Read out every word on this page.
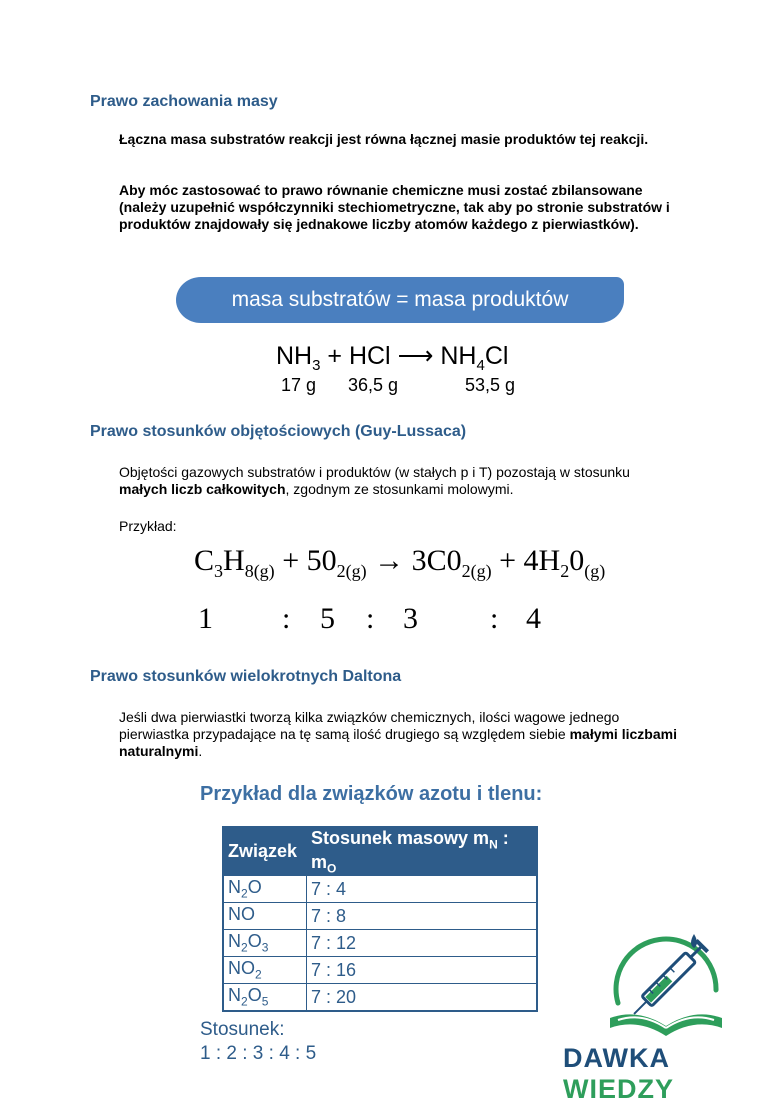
Prawo zachowania masy
Łączna masa substratów reakcji jest równa łącznej masie produktów tej reakcji.
Aby móc zastosować to prawo równanie chemiczne musi zostać zbilansowane (należy uzupełnić współczynniki stechiometryczne, tak aby po stronie substratów i produktów znajdowały się jednakowe liczby atomów każdego z pierwiastków).
masa substratów = masa produktów
$NH_3$ + HCl ⟶ $NH_4Cl$
17 g 36,5 g	53,5 g
Prawo stosunków objętościowych (Guy-Lussaca)
Objętości gazowych substratów i produktów (w stałych p i T) pozostają w stosunku małych liczb całkowitych, zgodnym ze stosunkami molowymi.
Przykład:
$C_3H_{8(g)} + 50_{2(g)} \to 3C0_{2(g)} + 4H_20_{(g)}$
1 : 5 : 3 : 4
Prawo stosunków wielokrotnych Daltona
Jeśli dwa pierwiastki tworzą kilka związków chemicznych, ilości wagowe jednego pierwiastka przypadające na tę samą ilość drugiego są względem siebie małymi liczbami naturalnymi.
Przykład dla związków azotu i tlenu:
Związek	Stosunek masowy $m_N$ : $m_O$
$N_2O$	7 : 4
NO	7 : 8
$N_2O_3$	7 : 12
$NO_2$	7 : 16
$N_2O_5$	7 : 20
Stosunek:
1 : 2 : 3 : 4 : 5	DAWKA WIEDZY
